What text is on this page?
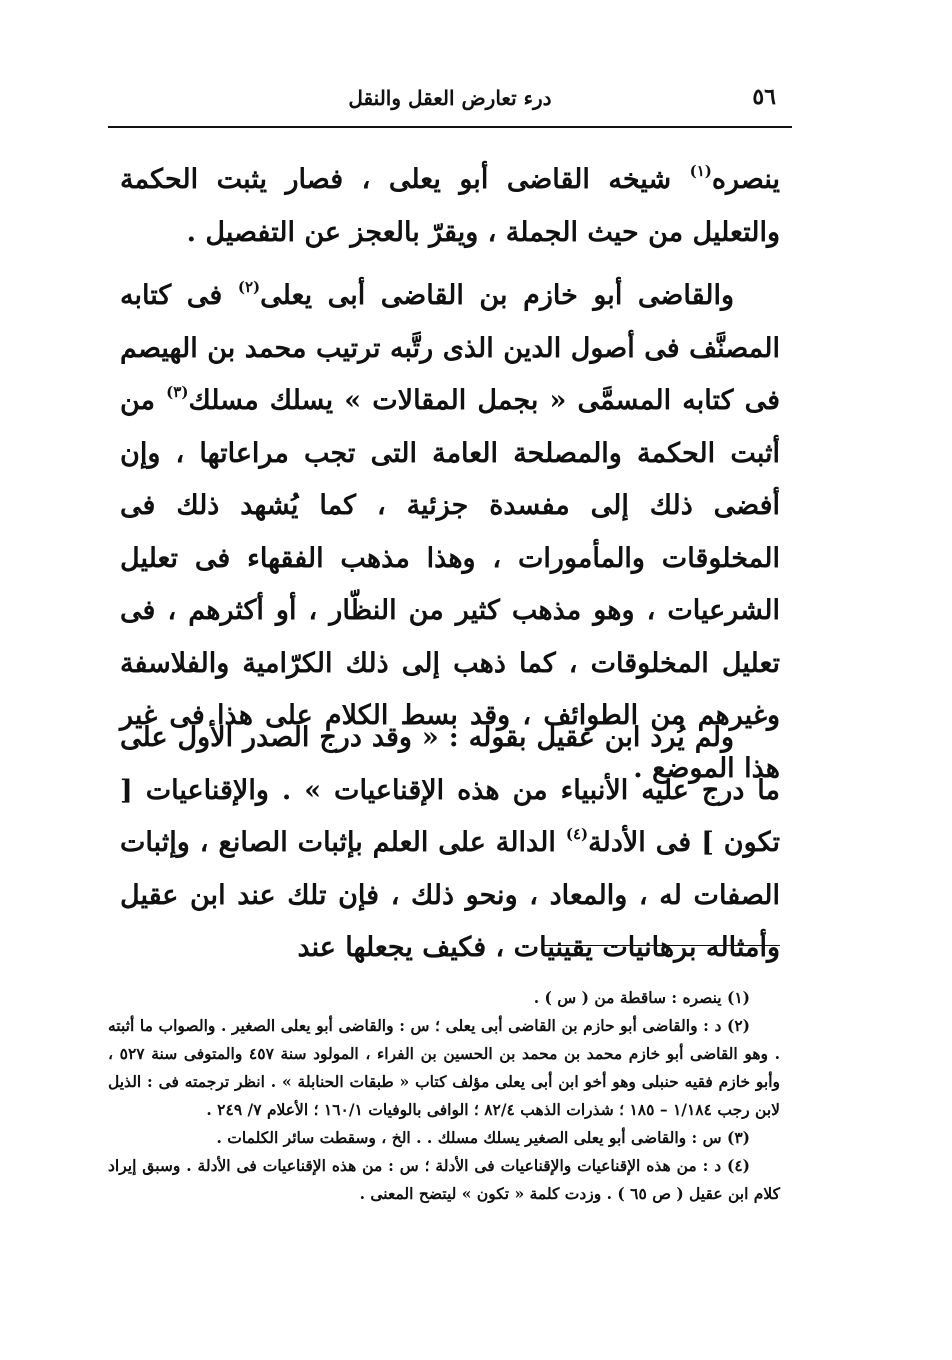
٥٦
درء تعارض العقل والنقل

ينصره$^{(١)}$ شيخه القاضى أبو يعلى ، فصار يثبت الحكمة والتعليل من حيث الجملة ، ويقرّ بالعجز عن التفصيل .

والقاضى أبو خازم بن القاضى أبى يعلى$^{(٢)}$ فى كتابه المصنَّف فى أصول الدين الذى رتَّبه ترتيب محمد بن الهيصم فى كتابه المسمَّى « بجمل المقالات » يسلك مسلك$^{(٣)}$ من أثبت الحكمة والمصلحة العامة التى تجب مراعاتها ، وإن أفضى ذلك إلى مفسدة جزئية ، كما يُشهد ذلك فى المخلوقات والمأمورات ، وهذا مذهب الفقهاء فى تعليل الشرعيات ، وهو مذهب كثير من النظّار ، أو أكثرهم ، فى تعليل المخلوقات ، كما ذهب إلى ذلك الكرّامية والفلاسفة وغيرهم من الطوائف ، وقد بسط الكلام على هذا فى غير هذا الموضع .

ولم يُرد ابن عقيل بقوله : « وقد درج الصدر الأول على ما درج عليه الأنبياء من هذه الإقناعيات » . والإقناعيات [ تكون ] فى الأدلة$^{(٤)}$ الدالة على العلم بإثبات الصانع ، وإثبات الصفات له ، والمعاد ، ونحو ذلك ، فإن تلك عند ابن عقيل وأمثاله برهانيات يقينيات ، فكيف يجعلها عند

(١) ينصره : ساقطة من ( س ) .

(٢) د : والقاضى أبو حازم بن القاضى أبى يعلى ؛ س : والقاضى أبو يعلى الصغير . والصواب ما أثبته . وهو القاضى أبو خازم محمد بن محمد بن الحسين بن الفراء ، المولود سنة ٤٥٧ والمتوفى سنة ٥٢٧ ، وأبو خازم فقيه حنبلى وهو أخو ابن أبى يعلى مؤلف كتاب « طبقات الحنابلة » . انظر ترجمته فى : الذيل لابن رجب ١/١٨٤ – ١٨٥ ؛ شذرات الذهب ٨٢/٤ ؛ الوافى بالوفيات ١٦٠/١ ؛ الأعلام ٧/ ٢٤٩ .

(٣) س : والقاضى أبو يعلى الصغير يسلك مسلك . . الخ ، وسقطت سائر الكلمات .

(٤) د : من هذه الإقناعيات والإقناعيات فى الأدلة ؛ س : من هذه الإقناعيات فى الأدلة . وسبق إيراد كلام ابن عقيل ( ص ٦٥ ) . وزدت كلمة « تكون » ليتضح المعنى .
